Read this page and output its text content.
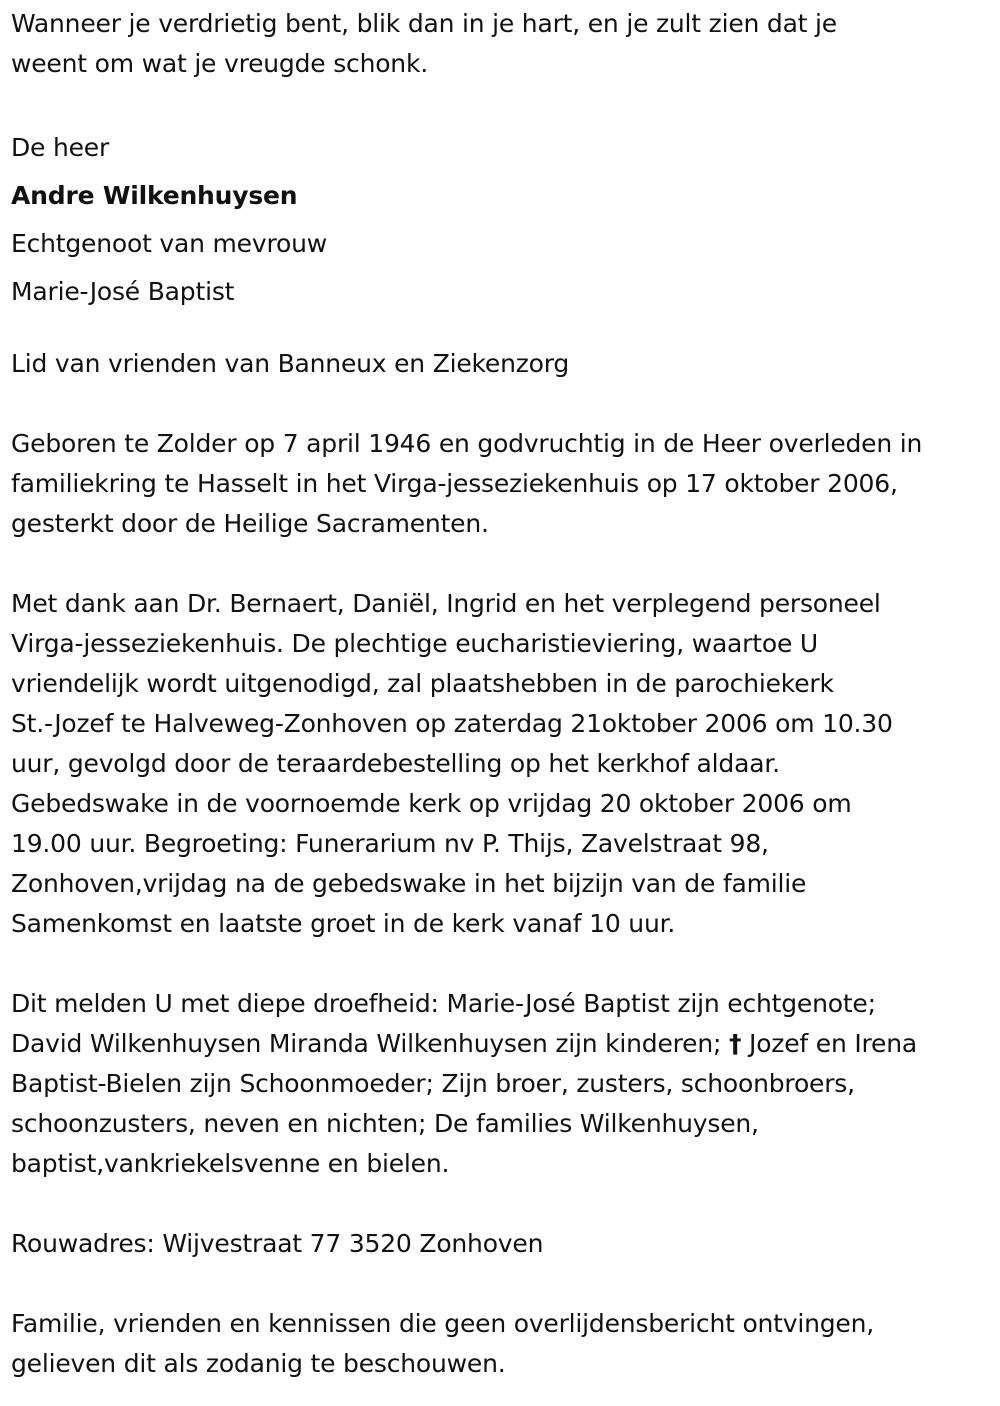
Wanneer je verdrietig bent, blik dan in je hart, en je zult zien dat je

weent om wat je vreugde schonk.

De heer

Andre Wilkenhuysen

Echtgenoot van mevrouw

Marie-José Baptist

Lid van vrienden van Banneux en Ziekenzorg

Geboren te Zolder op 7 april 1946 en godvruchtig in de Heer overleden in

familiekring te Hasselt in het Virga-jesseziekenhuis op 17 oktober 2006,

gesterkt door de Heilige Sacramenten.

Met dank aan Dr. Bernaert, Daniël, Ingrid en het verplegend personeel

Virga-jesseziekenhuis. De plechtige eucharistieviering, waartoe U

vriendelijk wordt uitgenodigd, zal plaatshebben in de parochiekerk

St.-Jozef te Halveweg-Zonhoven op zaterdag 21oktober 2006 om 10.30

uur, gevolgd door de teraardebestelling op het kerkhof aldaar.

Gebedswake in de voornoemde kerk op vrijdag 20 oktober 2006 om

19.00 uur. Begroeting: Funerarium nv P. Thijs, Zavelstraat 98,

Zonhoven,vrijdag na de gebedswake in het bijzijn van de familie

Samenkomst en laatste groet in de kerk vanaf 10 uur.

Dit melden U met diepe droefheid: Marie-José Baptist zijn echtgenote;

David Wilkenhuysen Miranda Wilkenhuysen zijn kinderen; † Jozef en Irena

Baptist-Bielen zijn Schoonmoeder; Zijn broer, zusters, schoonbroers,

schoonzusters, neven en nichten; De families Wilkenhuysen,

baptist,vankriekelsvenne en bielen.

Rouwadres: Wijvestraat 77 3520 Zonhoven

Familie, vrienden en kennissen die geen overlijdensbericht ontvingen,

gelieven dit als zodanig te beschouwen.
